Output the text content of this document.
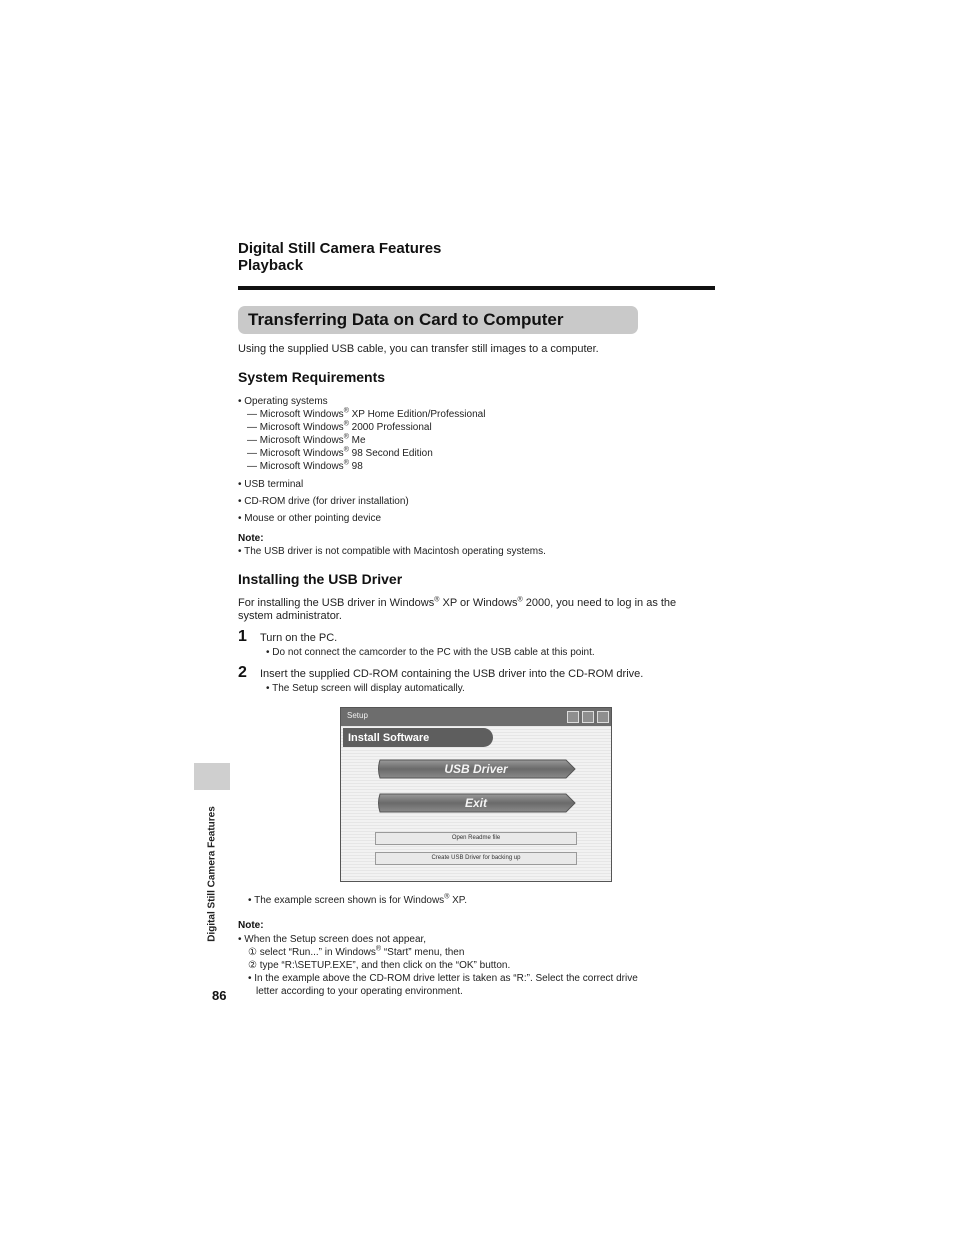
Digital Still Camera Features
Playback
Transferring Data on Card to Computer
Using the supplied USB cable, you can transfer still images to a computer.
System Requirements
• Operating systems
— Microsoft Windows® XP Home Edition/Professional
— Microsoft Windows® 2000 Professional
— Microsoft Windows® Me
— Microsoft Windows® 98 Second Edition
— Microsoft Windows® 98
• USB terminal
• CD-ROM drive (for driver installation)
• Mouse or other pointing device
Note:
• The USB driver is not compatible with Macintosh operating systems.
Installing the USB Driver
For installing the USB driver in Windows® XP or Windows® 2000, you need to log in as the
system administrator.
1 Turn on the PC.
• Do not connect the camcorder to the PC with the USB cable at this point.
2 Insert the supplied CD-ROM containing the USB driver into the CD-ROM drive.
• The Setup screen will display automatically.
Setup
Install Software
USB Driver
Exit
Open Readme file
Create USB Driver for backing up
• The example screen shown is for Windows® XP.
Note:
• When the Setup screen does not appear,
① select “Run...” in Windows® “Start” menu, then
② type “R:\SETUP.EXE”, and then click on the “OK” button.
• In the example above the CD-ROM drive letter is taken as “R:”. Select the correct drive
letter according to your operating environment.
Digital Still Camera Features
86
